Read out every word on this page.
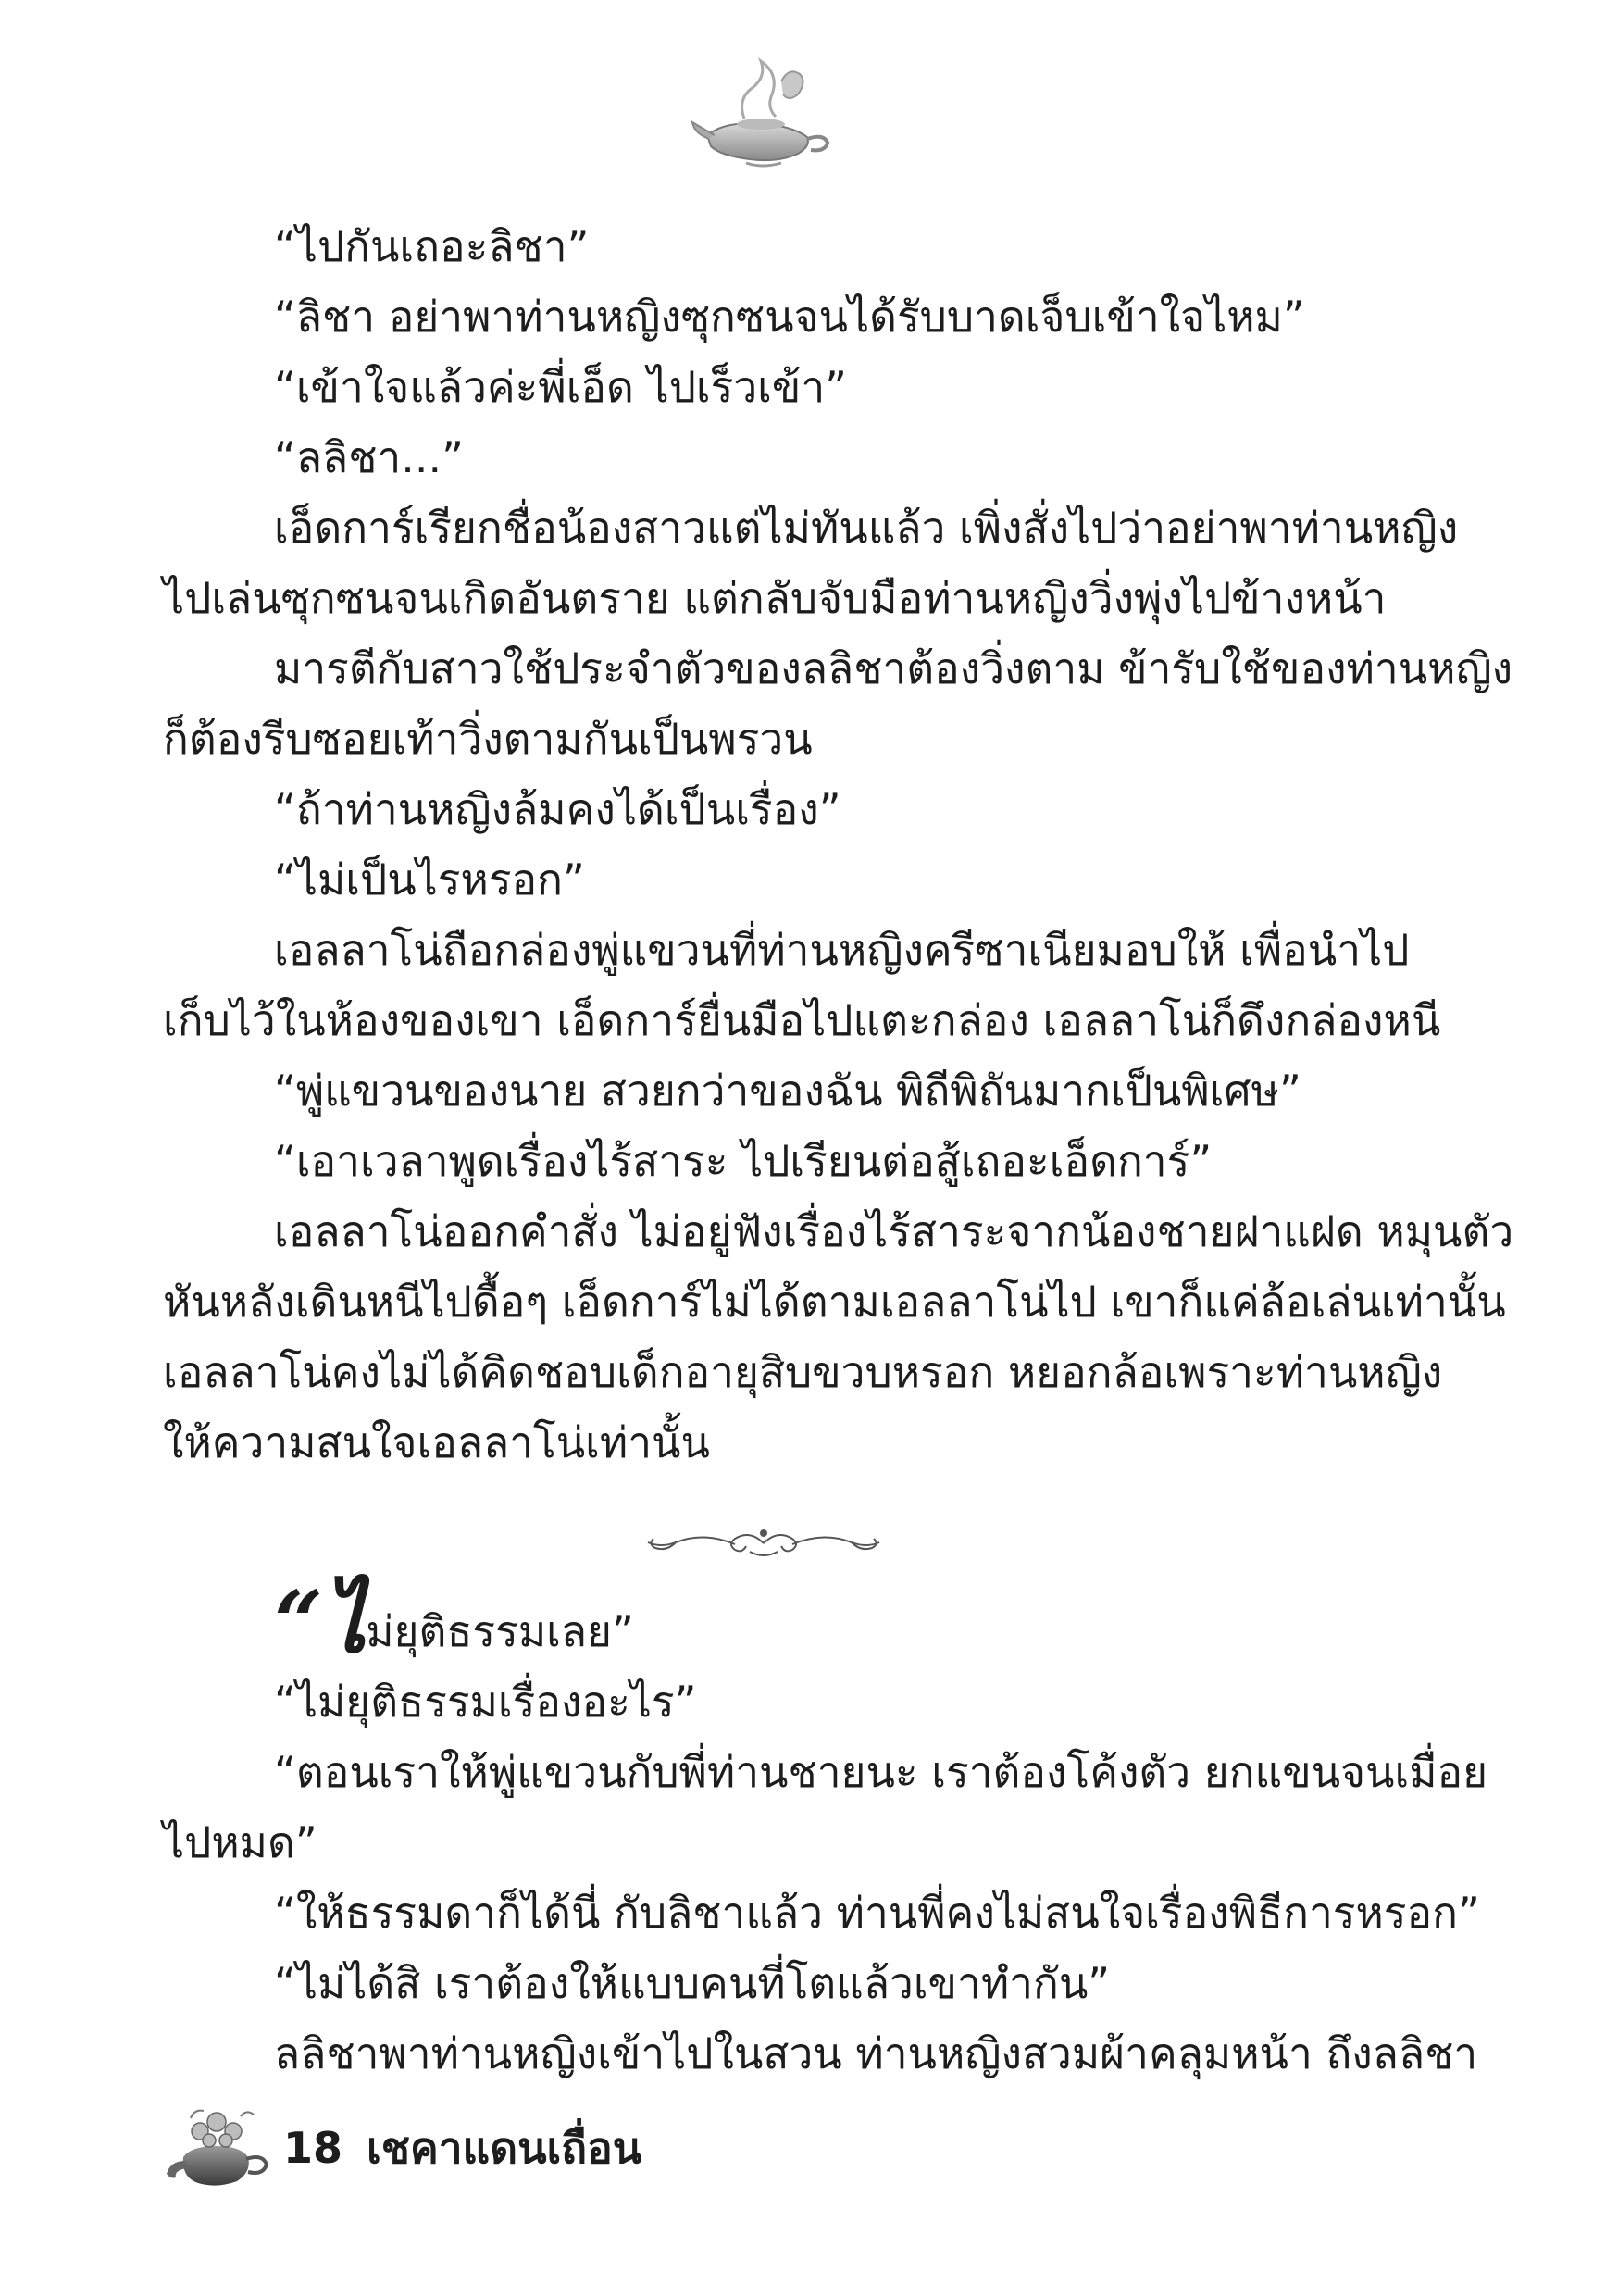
“ไปกันเถอะลิชา”
“ลิชา อย่าพาท่านหญิงซุกซนจนได้รับบาดเจ็บเข้าใจไหม”
“เข้าใจแล้วค่ะพี่เอ็ด ไปเร็วเข้า”
“ลลิชา...”
เอ็ดการ์เรียกชื่อน้องสาวแต่ไม่ทันแล้ว เพิ่งสั่งไปว่าอย่าพาท่านหญิง
ไปเล่นซุกซนจนเกิดอันตราย แต่กลับจับมือท่านหญิงวิ่งพุ่งไปข้างหน้า
มารตีกับสาวใช้ประจำตัวของลลิชาต้องวิ่งตาม ข้ารับใช้ของท่านหญิง
ก็ต้องรีบซอยเท้าวิ่งตามกันเป็นพรวน
“ถ้าท่านหญิงล้มคงได้เป็นเรื่อง”
“ไม่เป็นไรหรอก”
เอลลาโน่ถือกล่องพู่แขวนที่ท่านหญิงครีซาเนียมอบให้ เพื่อนำไป
เก็บไว้ในห้องของเขา เอ็ดการ์ยื่นมือไปแตะกล่อง เอลลาโน่ก็ดึงกล่องหนี
“พู่แขวนของนาย สวยกว่าของฉัน พิถีพิถันมากเป็นพิเศษ”
“เอาเวลาพูดเรื่องไร้สาระ ไปเรียนต่อสู้เถอะเอ็ดการ์”
เอลลาโน่ออกคำสั่ง ไม่อยู่ฟังเรื่องไร้สาระจากน้องชายฝาแฝด หมุนตัว
หันหลังเดินหนีไปดื้อๆ เอ็ดการ์ไม่ได้ตามเอลลาโน่ไป เขาก็แค่ล้อเล่นเท่านั้น
เอลลาโน่คงไม่ได้คิดชอบเด็กอายุสิบขวบหรอก หยอกล้อเพราะท่านหญิง
ให้ความสนใจเอลลาโน่เท่านั้น
“ไม่ยุติธรรมเลย”
“ไม่ยุติธรรมเรื่องอะไร”
“ตอนเราให้พู่แขวนกับพี่ท่านชายนะ เราต้องโค้งตัว ยกแขนจนเมื่อย
ไปหมด”
“ให้ธรรมดาก็ได้นี่ กับลิชาแล้ว ท่านพี่คงไม่สนใจเรื่องพิธีการหรอก”
“ไม่ได้สิ เราต้องให้แบบคนที่โตแล้วเขาทำกัน”
ลลิชาพาท่านหญิงเข้าไปในสวน ท่านหญิงสวมผ้าคลุมหน้า ถึงลลิชา
18 เชคาแดนเถื่อน
